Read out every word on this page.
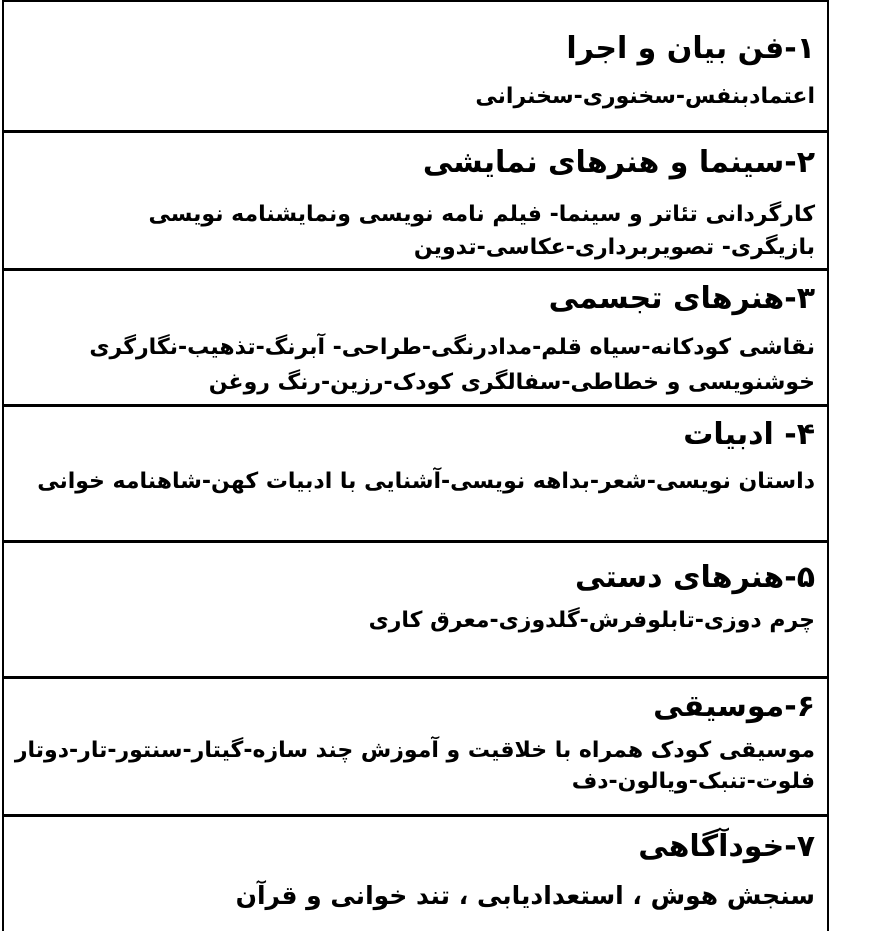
۱-فن بیان و اجرا
اعتمادبنفس-سخنوری-سخنرانی
۲-سینما و هنرهای نمایشی
کارگردانی تئاتر و سینما- فیلم نامه نویسی ونمایشنامه نویسی
بازیگری- تصویربرداری-عکاسی-تدوین
۳-هنرهای تجسمی
نقاشی کودکانه-سیاه قلم-مدادرنگی-طراحی- آبرنگ-تذهیب-نگارگری
خوشنویسی و خطاطی-سفالگری کودک-رزین-رنگ روغن
۴- ادبیات
داستان نویسی-شعر-بداهه نویسی-آشنایی با ادبیات کهن-شاهنامه خوانی
۵-هنرهای دستی
چرم دوزی-تابلوفرش-گلدوزی-معرق کاری
۶-موسیقی
موسیقی کودک همراه با خلاقیت و آموزش چند سازه-گیتار-سنتور-تار-دوتار
فلوت-تنبک-ویالون-دف
۷-خودآگاهی
سنجش هوش ، استعدادیابی ، تند خوانی و قرآن
